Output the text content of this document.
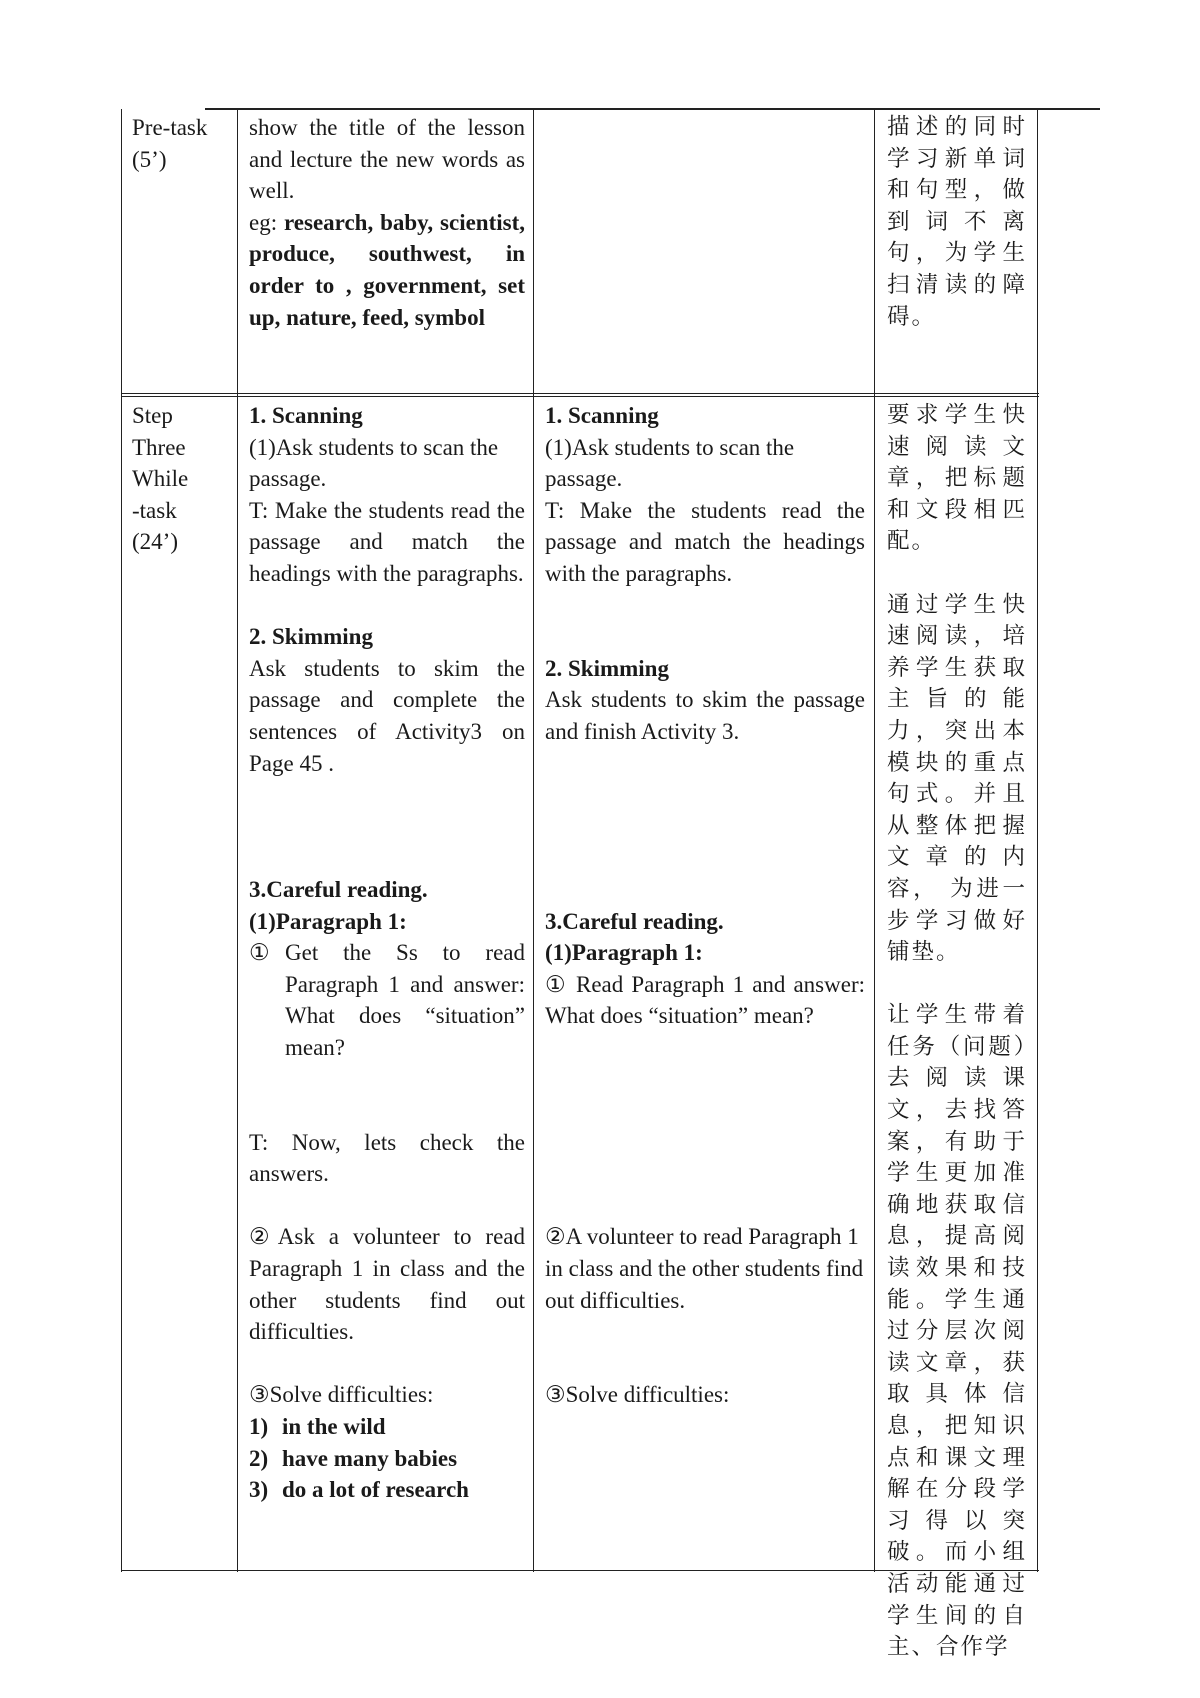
Pre-task
(5’)
show the title of the lesson and lecture the new words as well.
eg: research, baby, scientist, produce, southwest, in order to , government, set up, nature, feed, symbol
描述的同时学习新单词和句型，做到词不离句，为学生扫清读的障碍。
Step
Three
While
-task
(24’)
1. Scanning
(1)Ask students to scan the passage.
T: Make the students read the passage and match the headings with the paragraphs.
2. Skimming
Ask students to skim the passage and complete the sentences of Activity3 on Page 45 .
3.Careful reading.
(1)Paragraph 1:
① Get the Ss to read Paragraph 1 and answer: What does “situation” mean?
T: Now, lets check the answers.
②Ask a volunteer to read Paragraph 1 in class and the other students find out difficulties.
③Solve difficulties:
1) in the wild
2) have many babies
3) do a lot of research
1. Scanning
(1)Ask students to scan the passage.
T: Make the students read the passage and match the headings with the paragraphs.
2. Skimming
Ask students to skim the passage and finish Activity 3.
3.Careful reading.
(1)Paragraph 1:
① Read Paragraph 1 and answer: What does “situation” mean?
②A volunteer to read Paragraph 1 in class and the other students find out difficulties.
③Solve difficulties:
要求学生快速阅读文章，把标题和文段相匹配。
通过学生快速阅读，培养学生获取主旨的能力，突出本模块的重点句式。并且从整体把握文章的内容， 为进一步学习做好铺垫。
让学生带着任务（问题）去阅读课文，去找答案，有助于学生更加准确地获取信息，提高阅读效果和技能。学生通过分层次阅读文章，获取具体信息，把知识点和课文理解在分段学习得以突破。而小组活动能通过学生间的自主、合作学
